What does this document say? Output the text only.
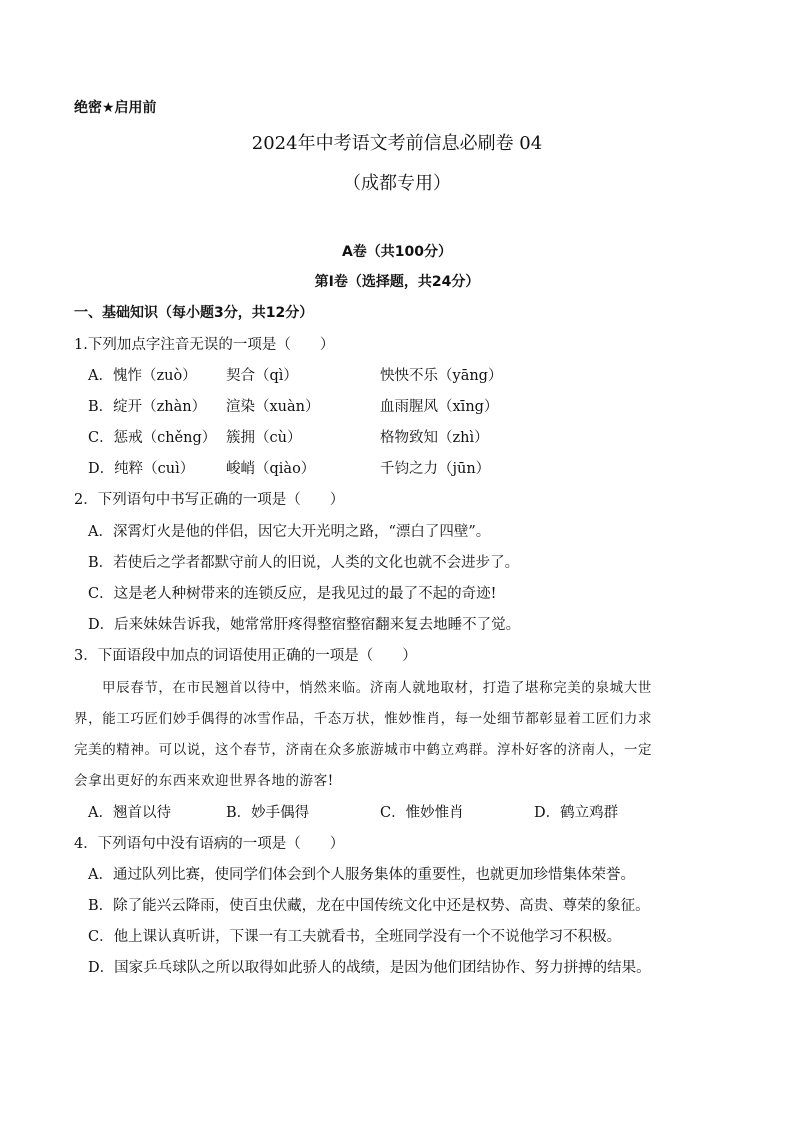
绝密★启用前
2024年中考语文考前信息必刷卷 04
（成都专用）
A卷（共100分）
第Ⅰ卷（选择题，共24分）
一、基础知识（每小题3分，共12分）
1.下列加点字注音无误的一项是（　　）
A．愧怍（zuò） 契合（qì）	怏怏不乐（yāng）
B．绽开（zhàn） 渲染（xuàn）	血雨腥风（xīng）
C．惩戒（chěng） 簇拥（cù）	格物致知（zhì）
D．纯粹（cuì） 峻峭（qiào）	千钧之力（jūn）
2．下列语句中书写正确的一项是（　　）
A．深霄灯火是他的伴侣，因它大开光明之路，“漂白了四壁”。
B．若使后之学者都默守前人的旧说，人类的文化也就不会进步了。
C．这是老人种树带来的连锁反应，是我见过的最了不起的奇迹!
D．后来妹妹告诉我，她常常肝疼得整宿整宿翻来复去地睡不了觉。
3．下面语段中加点的词语使用正确的一项是（　　）
甲辰春节，在市民翘首以待中，悄然来临。济南人就地取材，打造了堪称完美的泉城大世
界，能工巧匠们妙手偶得的冰雪作品，千态万状，惟妙惟肖，每一处细节都彰显着工匠们力求
完美的精神。可以说，这个春节，济南在众多旅游城市中鹤立鸡群。淳朴好客的济南人，一定
会拿出更好的东西来欢迎世界各地的游客!
A．翘首以待	B．妙手偶得	C．惟妙惟肖	D．鹤立鸡群
4．下列语句中没有语病的一项是（　　）
A．通过队列比赛，使同学们体会到个人服务集体的重要性，也就更加珍惜集体荣誉。
B．除了能兴云降雨，使百虫伏藏，龙在中国传统文化中还是权势、高贵、尊荣的象征。
C．他上课认真听讲，下课一有工夫就看书，全班同学没有一个不说他学习不积极。
D．国家乒乓球队之所以取得如此骄人的战绩，是因为他们团结协作、努力拼搏的结果。
